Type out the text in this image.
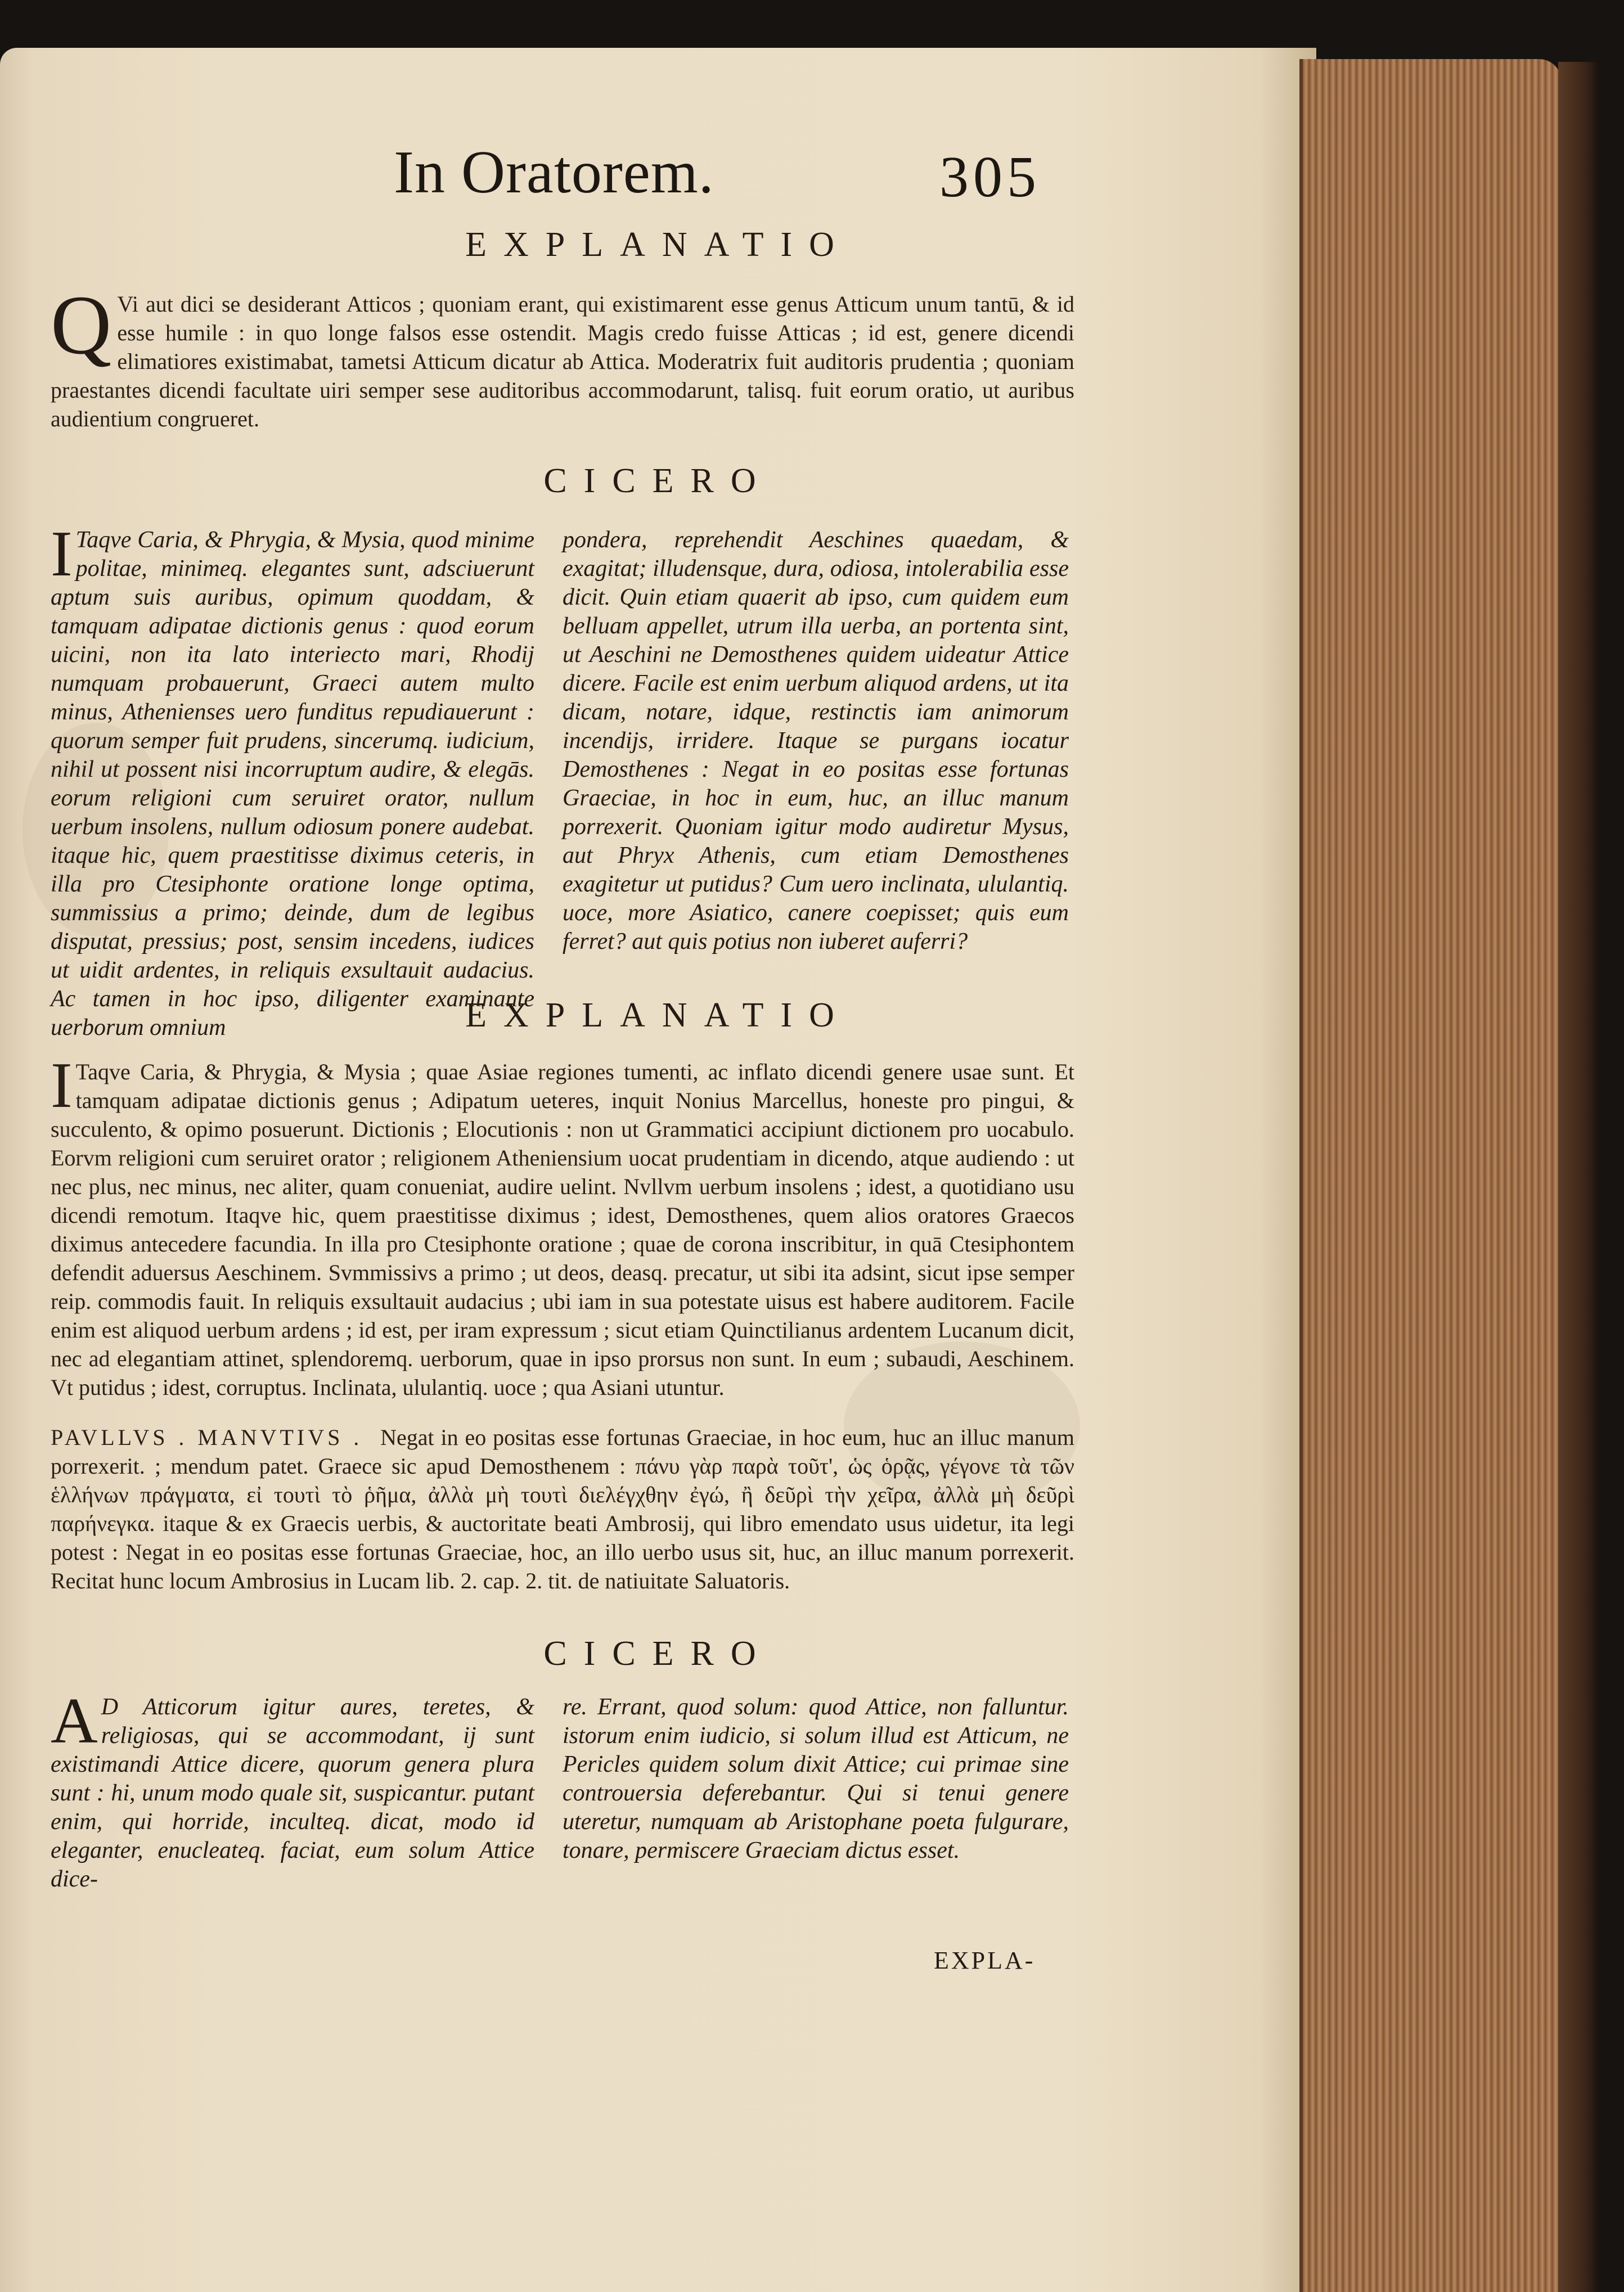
In Oratorem.	305
EXPLANATIO
Q Vi aut dici se desiderant Atticos ; quoniam erant, qui existimarent esse genus Atticum unum tantū, & id esse humile : in quo longe falsos esse ostendit. Magis credo fuisse Atticas ; id est, genere dicendi elimatiores existimabat, tametsi Atticum dicatur ab Attica. Moderatrix fuit auditoris prudentia ; quoniam praestantes dicendi facultate uiri semper sese auditoribus accommodarunt, talisq. fuit eorum oratio, ut auribus audientium congrueret.
CICERO
I Taqve Caria, & Phrygia, & Mysia, quod minime politae, minimeq. elegantes sunt, adsciuerunt aptum suis auribus, opimum quoddam, & tamquam adipatae dictionis genus : quod eorum uicini, non ita lato interiecto mari, Rhodij numquam probauerunt, Graeci autem multo minus, Athenienses uero funditus repudiauerunt : quorum semper fuit prudens, sincerumq. iudicium, nihil ut possent nisi incorruptum audire, & elegās. eorum religioni cum seruiret orator, nullum uerbum insolens, nullum odiosum ponere audebat. itaque hic, quem praestitisse diximus ceteris, in illa pro Ctesiphonte oratione longe optima, summissius a primo; deinde, dum de legibus disputat, pressius; post, sensim incedens, iudices ut uidit ardentes, in reliquis exsultauit audacius. Ac tamen in hoc ipso, diligenter examinante uerborum omnium
pondera, reprehendit Aeschines quaedam, & exagitat; illudensque, dura, odiosa, intolerabilia esse dicit. Quin etiam quaerit ab ipso, cum quidem eum belluam appellet, utrum illa uerba, an portenta sint, ut Aeschini ne Demosthenes quidem uideatur Attice dicere. Facile est enim uerbum aliquod ardens, ut ita dicam, notare, idque, restinctis iam animorum incendijs, irridere. Itaque se purgans iocatur Demosthenes : Negat in eo positas esse fortunas Graeciae, in hoc in eum, huc, an illuc manum porrexerit. Quoniam igitur modo audiretur Mysus, aut Phryx Athenis, cum etiam Demosthenes exagitetur ut putidus? Cum uero inclinata, ululantiq. uoce, more Asiatico, canere coepisset; quis eum ferret? aut quis potius non iuberet auferri?
EXPLANATIO
I Taqve Caria, & Phrygia, & Mysia ; quae Asiae regiones tumenti, ac inflato dicendi genere usae sunt. Et tamquam adipatae dictionis genus ; Adipatum ueteres, inquit Nonius Marcellus, honeste pro pingui, & succulento, & opimo posuerunt. Dictionis ; Elocutionis : non ut Grammatici accipiunt dictionem pro uocabulo. Eorvm religioni cum seruiret orator ; religionem Atheniensium uocat prudentiam in dicendo, atque audiendo : ut nec plus, nec minus, nec aliter, quam conueniat, audire uelint. Nvllvm uerbum insolens ; idest, a quotidiano usu dicendi remotum. Itaqve hic, quem praestitisse diximus ; idest, Demosthenes, quem alios oratores Graecos diximus antecedere facundia. In illa pro Ctesiphonte oratione ; quae de corona inscribitur, in quā Ctesiphontem defendit aduersus Aeschinem. Svmmissivs a primo ; ut deos, deasq. precatur, ut sibi ita adsint, sicut ipse semper reip. commodis fauit. In reliquis exsultauit audacius ; ubi iam in sua potestate uisus est habere auditorem. Facile enim est aliquod uerbum ardens ; id est, per iram expressum ; sicut etiam Quinctilianus ardentem Lucanum dicit, nec ad elegantiam attinet, splendoremq. uerborum, quae in ipso prorsus non sunt. In eum ; subaudi, Aeschinem. Vt putidus ; idest, corruptus. Inclinata, ululantiq. uoce ; qua Asiani utuntur.
PAVLLVS . MANVTIVS . Negat in eo positas esse fortunas Graeciae, in hoc eum, huc an illuc manum porrexerit. ; mendum patet. Graece sic apud Demosthenem : πάνυ γὰρ παρὰ τοῦτ', ὡς ὁρᾷς, γέγονε τὰ τῶν ἑλλήνων πράγματα, εἰ τουτὶ τὸ ῥῆμα, ἀλλὰ μὴ τουτὶ διελέγχθην ἐγώ, ἢ δεῦρὶ τὴν χεῖρα, ἀλλὰ μὴ δεῦρὶ παρήνεγκα. itaque & ex Graecis uerbis, & auctoritate beati Ambrosij, qui libro emendato usus uidetur, ita legi potest : Negat in eo positas esse fortunas Graeciae, hoc, an illo uerbo usus sit, huc, an illuc manum porrexerit. Recitat hunc locum Ambrosius in Lucam lib. 2. cap. 2. tit. de natiuitate Saluatoris.
CICERO
A D Atticorum igitur aures, teretes, & religiosas, qui se accommodant, ij sunt existimandi Attice dicere, quorum genera plura sunt : hi, unum modo quale sit, suspicantur. putant enim, qui horride, inculteq. dicat, modo id eleganter, enucleateq. faciat, eum solum Attice dice-
re. Errant, quod solum: quod Attice, non falluntur. istorum enim iudicio, si solum illud est Atticum, ne Pericles quidem solum dixit Attice; cui primae sine controuersia deferebantur. Qui si tenui genere uteretur, numquam ab Aristophane poeta fulgurare, tonare, permiscere Graeciam dictus esset.
EXPLA-
